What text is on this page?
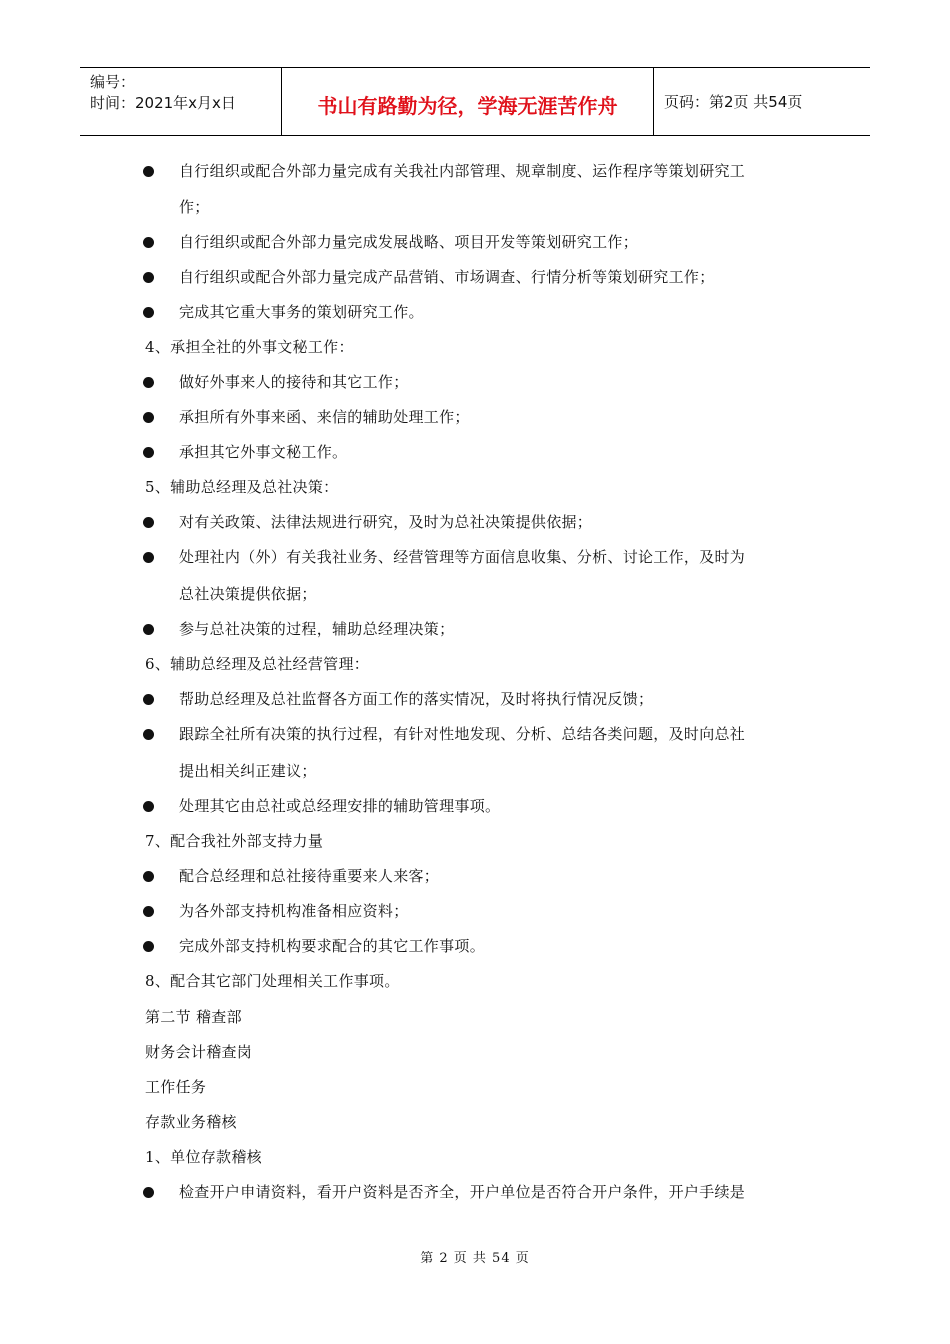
编号：
时间：2021年x月x日	书山有路勤为径，学海无涯苦作舟	页码：第2页 共54页
自行组织或配合外部力量完成有关我社内部管理、规章制度、运作程序等策划研究工
作；
自行组织或配合外部力量完成发展战略、项目开发等策划研究工作；
自行组织或配合外部力量完成产品营销、市场调查、行情分析等策划研究工作；
完成其它重大事务的策划研究工作。
4、承担全社的外事文秘工作：
做好外事来人的接待和其它工作；
承担所有外事来函、来信的辅助处理工作；
承担其它外事文秘工作。
5、辅助总经理及总社决策：
对有关政策、法律法规进行研究，及时为总社决策提供依据；
处理社内（外）有关我社业务、经营管理等方面信息收集、分析、讨论工作，及时为
总社决策提供依据；
参与总社决策的过程，辅助总经理决策；
6、辅助总经理及总社经营管理：
帮助总经理及总社监督各方面工作的落实情况，及时将执行情况反馈；
跟踪全社所有决策的执行过程，有针对性地发现、分析、总结各类问题，及时向总社
提出相关纠正建议；
处理其它由总社或总经理安排的辅助管理事项。
7、配合我社外部支持力量
配合总经理和总社接待重要来人来客；
为各外部支持机构准备相应资料；
完成外部支持机构要求配合的其它工作事项。
8、配合其它部门处理相关工作事项。
第二节 稽查部
财务会计稽查岗
工作任务
存款业务稽核
1、单位存款稽核
检查开户申请资料，看开户资料是否齐全，开户单位是否符合开户条件，开户手续是
第 2 页 共 54 页
